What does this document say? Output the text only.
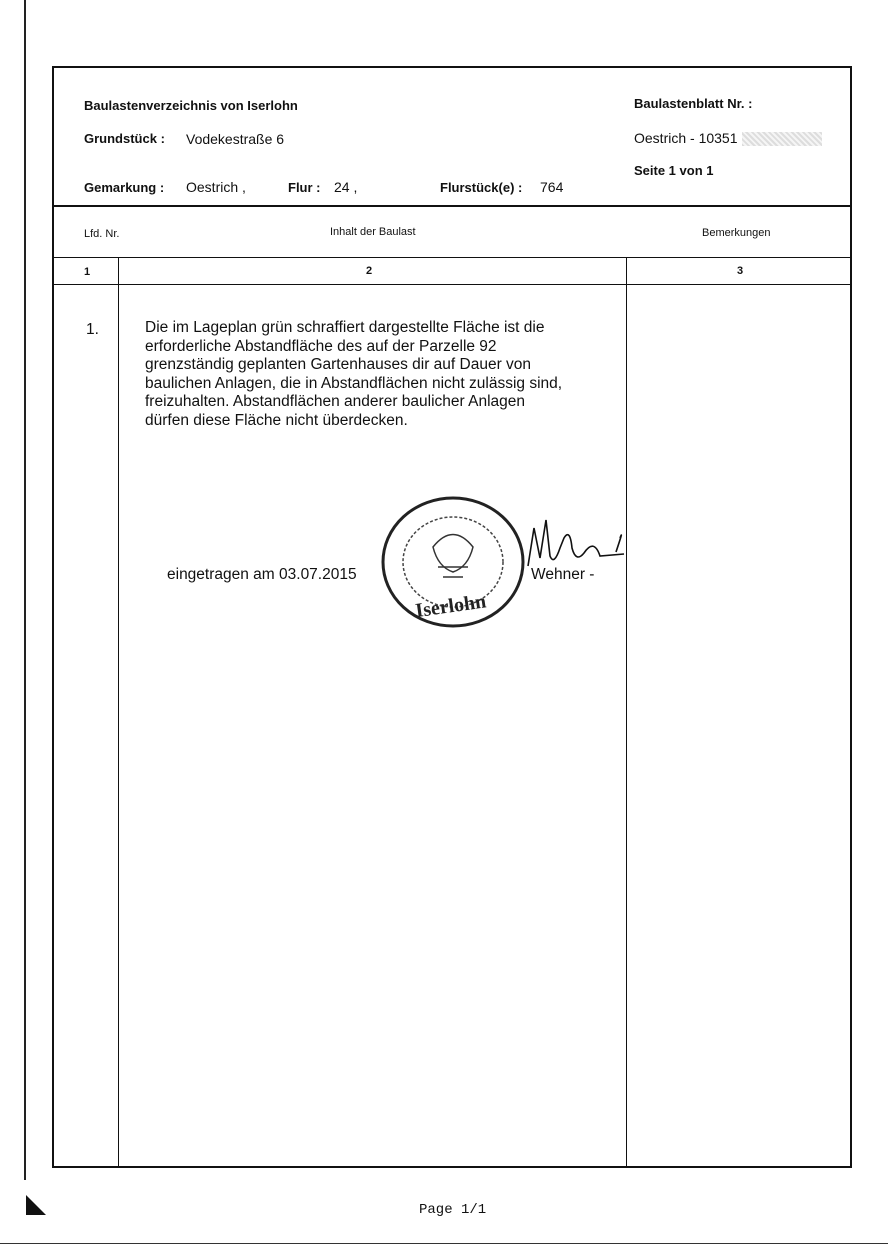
Baulastenverzeichnis von Iserlohn	Baulastenblatt Nr. :
Grundstück : Vodekestraße 6	Oestrich - 10351
Seite 1 von 1
Gemarkung : Oestrich ,	Flur : 24 ,	Flurstück(e) : 764
Lfd. Nr.	Inhalt der Baulast	Bemerkungen
1	2	3
1.	Die im Lageplan grün schraffiert dargestellte Fläche ist die
erforderliche Abstandfläche des auf der Parzelle 92
grenzständig geplanten Gartenhauses dir auf Dauer von
baulichen Anlagen, die in Abstandflächen nicht zulässig sind,
freizuhalten. Abstandflächen anderer baulicher Anlagen
dürfen diese Fläche nicht überdecken.
eingetragen am 03.07.2015
Iserlohn
Wehner -
Page 1/1
